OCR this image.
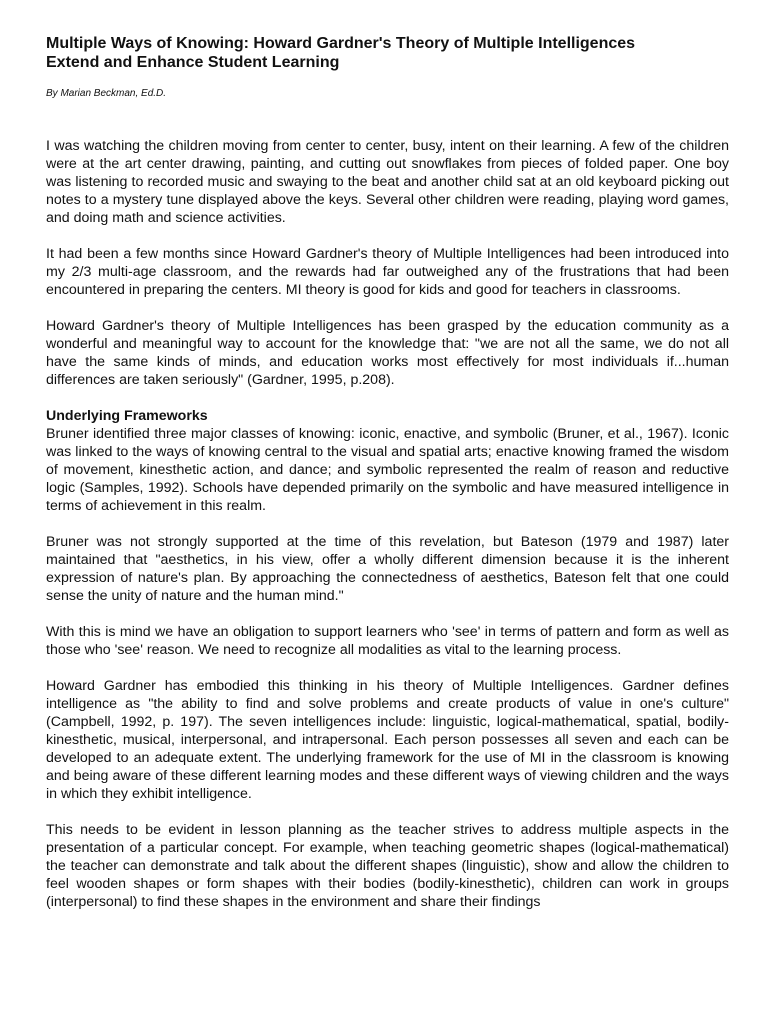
Multiple Ways of Knowing: Howard Gardner's Theory of Multiple Intelligences
Extend and Enhance Student Learning

By Marian Beckman, Ed.D.

I was watching the children moving from center to center, busy, intent on their learning. A few of the children were at the art center drawing, painting, and cutting out snowflakes from pieces of folded paper. One boy was listening to recorded music and swaying to the beat and another child sat at an old keyboard picking out notes to a mystery tune displayed above the keys. Several other children were reading, playing word games, and doing math and science activities.

It had been a few months since Howard Gardner's theory of Multiple Intelligences had been introduced into my 2/3 multi-age classroom, and the rewards had far outweighed any of the frustrations that had been encountered in preparing the centers. MI theory is good for kids and good for teachers in classrooms.

Howard Gardner's theory of Multiple Intelligences has been grasped by the education community as a wonderful and meaningful way to account for the knowledge that: "we are not all the same, we do not all have the same kinds of minds, and education works most effectively for most individuals if...human differences are taken seriously" (Gardner, 1995, p.208).

Underlying Frameworks

Bruner identified three major classes of knowing: iconic, enactive, and symbolic (Bruner, et al., 1967). Iconic was linked to the ways of knowing central to the visual and spatial arts; enactive knowing framed the wisdom of movement, kinesthetic action, and dance; and symbolic represented the realm of reason and reductive logic (Samples, 1992). Schools have depended primarily on the symbolic and have measured intelligence in terms of achievement in this realm.

Bruner was not strongly supported at the time of this revelation, but Bateson (1979 and 1987) later maintained that "aesthetics, in his view, offer a wholly different dimension because it is the inherent expression of nature's plan. By approaching the connectedness of aesthetics, Bateson felt that one could sense the unity of nature and the human mind."

With this is mind we have an obligation to support learners who 'see' in terms of pattern and form as well as those who 'see' reason. We need to recognize all modalities as vital to the learning process.

Howard Gardner has embodied this thinking in his theory of Multiple Intelligences. Gardner defines intelligence as "the ability to find and solve problems and create products of value in one's culture" (Campbell, 1992, p. 197). The seven intelligences include: linguistic, logical-mathematical, spatial, bodily-kinesthetic, musical, interpersonal, and intrapersonal. Each person possesses all seven and each can be developed to an adequate extent. The underlying framework for the use of MI in the classroom is knowing and being aware of these different learning modes and these different ways of viewing children and the ways in which they exhibit intelligence.

This needs to be evident in lesson planning as the teacher strives to address multiple aspects in the presentation of a particular concept. For example, when teaching geometric shapes (logical-mathematical) the teacher can demonstrate and talk about the different shapes (linguistic), show and allow the children to feel wooden shapes or form shapes with their bodies (bodily-kinesthetic), children can work in groups (interpersonal) to find these shapes in the environment and share their findings
